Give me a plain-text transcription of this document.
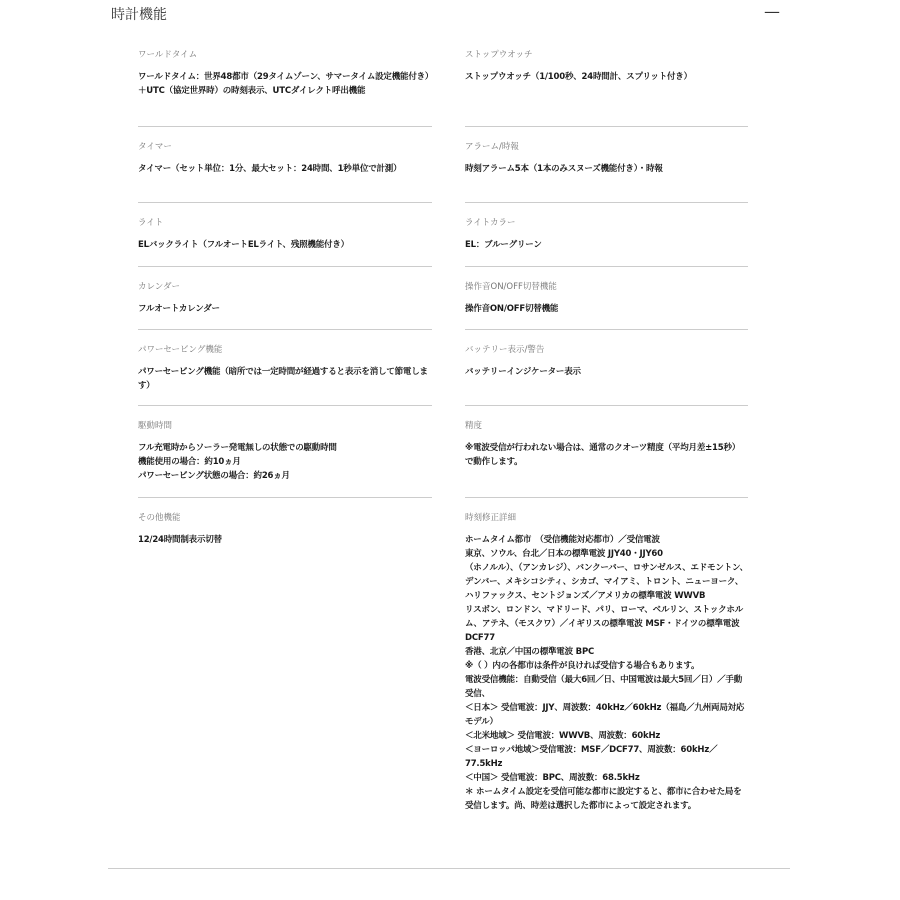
時計機能	—
ワールドタイム
ワールドタイム：世界48都市（29タイムゾーン、サマータイム設定機能付き）＋UTC（協定世界時）の時刻表示、UTCダイレクト呼出機能
ストップウオッチ
ストップウオッチ（1/100秒、24時間計、スプリット付き）
タイマー
タイマー（セット単位：1分、最大セット：24時間、1秒単位で計測）
アラーム/時報
時刻アラーム5本（1本のみスヌーズ機能付き）・時報
ライト
ELバックライト（フルオートELライト、残照機能付き）
ライトカラー
EL：ブルーグリーン
カレンダー
フルオートカレンダー
操作音ON/OFF切替機能
操作音ON/OFF切替機能
パワーセービング機能
パワーセービング機能（暗所では一定時間が経過すると表示を消して節電します）
バッテリー表示/警告
バッテリーインジケーター表示
駆動時間
フル充電時からソーラー発電無しの状態での駆動時間
機能使用の場合：約10ヵ月
パワーセービング状態の場合：約26ヵ月
精度
※電波受信が行われない場合は、通常のクオーツ精度（平均月差±15秒）で動作します。
その他機能
12/24時間制表示切替
時刻修正詳細
ホームタイム都市　（受信機能対応都市）／受信電波
東京、ソウル、台北／日本の標準電波 JJY40・JJY60
（ホノルル）、（アンカレジ）、バンクーバー、ロサンゼルス、エドモントン、デンバー、メキシコシティ、シカゴ、マイアミ、トロント、ニューヨーク、ハリファックス、セントジョンズ／アメリカの標準電波 WWVB
リスボン、ロンドン、マドリード、パリ、ローマ、ベルリン、ストックホルム、アテネ、（モスクワ）／イギリスの標準電波 MSF・ドイツの標準電波 DCF77
香港、北京／中国の標準電波 BPC
※（ ）内の各都市は条件が良ければ受信する場合もあります。
電波受信機能：自動受信（最大6回／日、中国電波は最大5回／日）／手動受信、
＜日本＞ 受信電波：JJY、周波数：40kHz／60kHz（福島／九州両局対応モデル）
＜北米地域＞ 受信電波：WWVB、周波数：60kHz
＜ヨーロッパ地域＞受信電波：MSF／DCF77、周波数：60kHz／77.5kHz
＜中国＞ 受信電波：BPC、周波数：68.5kHz
＊ ホームタイム設定を受信可能な都市に設定すると、都市に合わせた局を受信します。尚、時差は選択した都市によって設定されます。
